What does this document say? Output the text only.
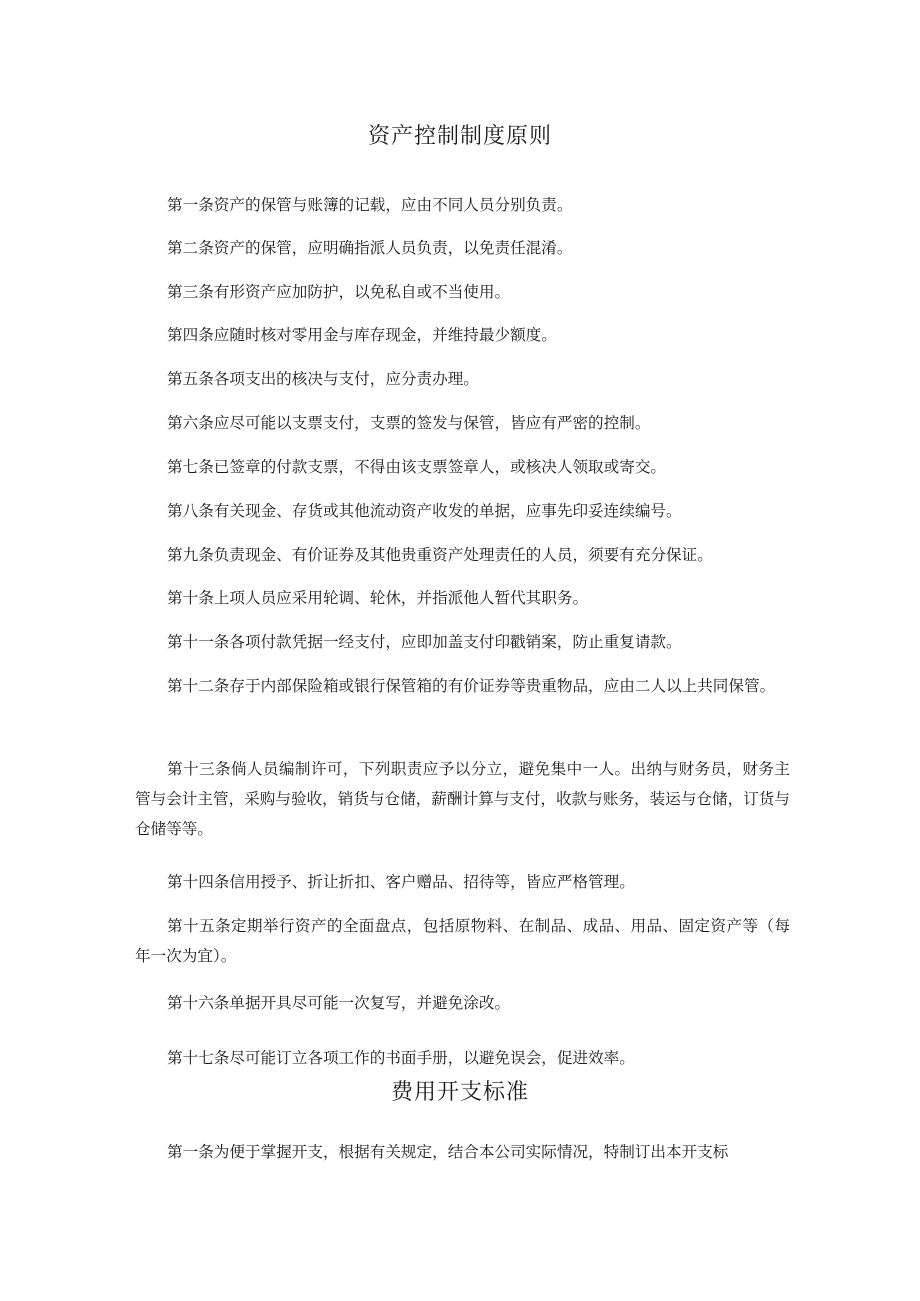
资产控制制度原则

第一条资产的保管与账簿的记载，应由不同人员分别负责。

第二条资产的保管，应明确指派人员负责，以免责任混淆。

第三条有形资产应加防护，以免私自或不当使用。

第四条应随时核对零用金与库存现金，并维持最少额度。

第五条各项支出的核决与支付，应分责办理。

第六条应尽可能以支票支付，支票的签发与保管，皆应有严密的控制。

第七条已签章的付款支票，不得由该支票签章人，或核决人领取或寄交。

第八条有关现金、存货或其他流动资产收发的单据，应事先印妥连续编号。

第九条负责现金、有价证券及其他贵重资产处理责任的人员，须要有充分保证。

第十条上项人员应采用轮调、轮休，并指派他人暂代其职务。

第十一条各项付款凭据一经支付，应即加盖支付印戳销案，防止重复请款。

第十二条存于内部保险箱或银行保管箱的有价证券等贵重物品，应由二人以上共同保管。

第十三条倘人员编制许可，下列职责应予以分立，避免集中一人。出纳与财务员，财务主管与会计主管，采购与验收，销货与仓储，薪酬计算与支付，收款与账务，装运与仓储，订货与仓储等等。

第十四条信用授予、折让折扣、客户赠品、招待等，皆应严格管理。

第十五条定期举行资产的全面盘点，包括原物料、在制品、成品、用品、固定资产等（每年一次为宜）。

第十六条单据开具尽可能一次复写，并避免涂改。

第十七条尽可能订立各项工作的书面手册，以避免误会，促进效率。

费用开支标准

第一条为便于掌握开支，根据有关规定，结合本公司实际情况，特制订出本开支标
